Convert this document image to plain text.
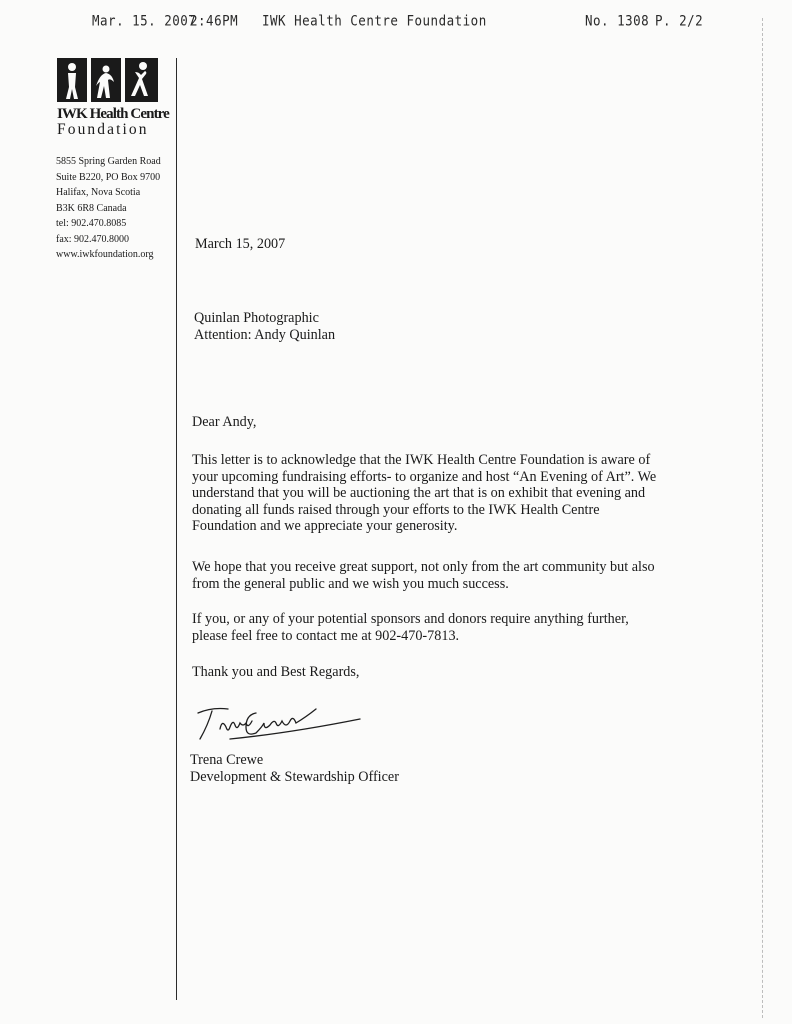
Mar. 15. 2007
2:46PM IWK Health Centre Foundation	No. 1308 P. 2/2
IWK Health Centre
Foundation
5855 Spring Garden Road
Suite B220, PO Box 9700
Halifax, Nova Scotia
B3K 6R8 Canada
tel: 902.470.8085
fax: 902.470.8000
www.iwkfoundation.org
March 15, 2007
Quinlan Photographic
Attention: Andy Quinlan
Dear Andy,
This letter is to acknowledge that the IWK Health Centre Foundation is aware of
your upcoming fundraising efforts- to organize and host “An Evening of Art”. We
understand that you will be auctioning the art that is on exhibit that evening and
donating all funds raised through your efforts to the IWK Health Centre
Foundation and we appreciate your generosity.
We hope that you receive great support, not only from the art community but also
from the general public and we wish you much success.
If you, or any of your potential sponsors and donors require anything further,
please feel free to contact me at 902-470-7813.
Thank you and Best Regards,
Trena Crewe
Development & Stewardship Officer
